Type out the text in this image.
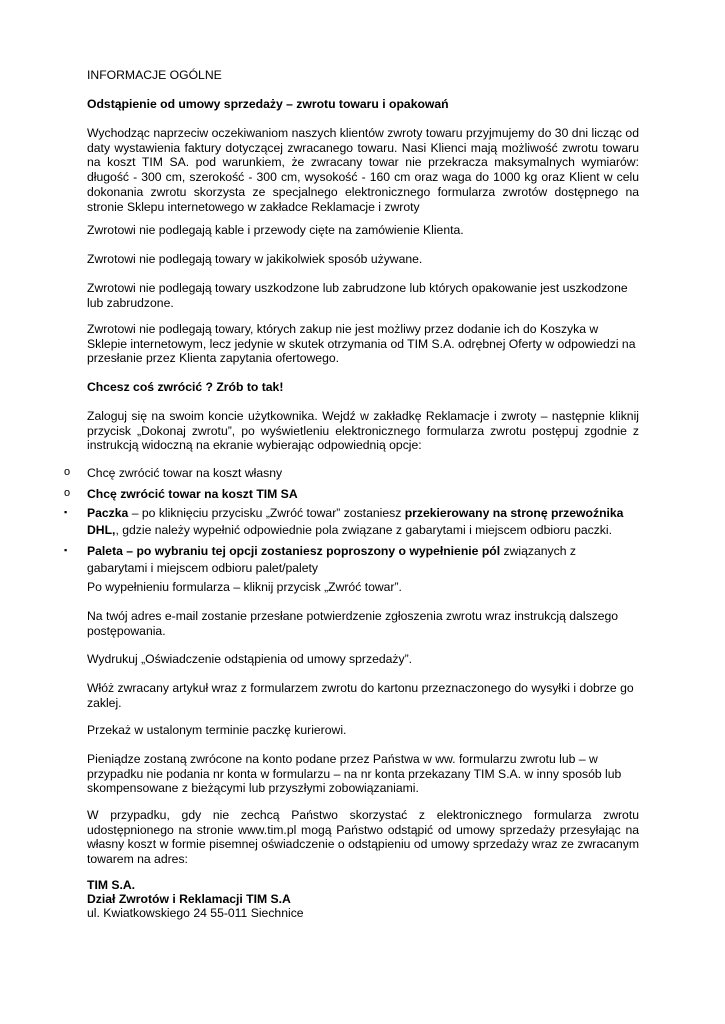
INFORMACJE OGÓLNE

Odstąpienie od umowy sprzedaży – zwrotu towaru i opakowań

Wychodząc naprzeciw oczekiwaniom naszych klientów zwroty towaru przyjmujemy do 30 dni licząc od daty wystawienia faktury dotyczącej zwracanego towaru. Nasi Klienci mają możliwość zwrotu towaru na koszt TIM SA. pod warunkiem, że zwracany towar nie przekracza maksymalnych wymiarów: długość - 300 cm, szerokość - 300 cm, wysokość - 160 cm oraz waga do 1000 kg oraz Klient w celu dokonania zwrotu skorzysta ze specjalnego elektronicznego formularza zwrotów dostępnego na stronie Sklepu internetowego w zakładce Reklamacje i zwroty

Zwrotowi nie podlegają kable i przewody cięte na zamówienie Klienta.

Zwrotowi nie podlegają towary w jakikolwiek sposób używane.

Zwrotowi nie podlegają towary uszkodzone lub zabrudzone lub których opakowanie jest uszkodzone lub zabrudzone.

Zwrotowi nie podlegają towary, których zakup nie jest możliwy przez dodanie ich do Koszyka w Sklepie internetowym, lecz jedynie w skutek otrzymania od TIM S.A. odrębnej Oferty w odpowiedzi na przesłanie przez Klienta zapytania ofertowego.

Chcesz coś zwrócić ? Zrób to tak!

Zaloguj się na swoim koncie użytkownika. Wejdź w zakładkę Reklamacje i zwroty – następnie kliknij przycisk „Dokonaj zwrotu”, po wyświetleniu elektronicznego formularza zwrotu postępuj zgodnie z instrukcją widoczną na ekranie wybierając odpowiednią opcje:

o	Chcę zwrócić towar na koszt własny
o	Chcę zwrócić towar na koszt TIM SA
▪	Paczka – po kliknięciu przycisku „Zwróć towar” zostaniesz przekierowany na stronę przewoźnika DHL,, gdzie należy wypełnić odpowiednie pola związane z gabarytami i miejscem odbioru paczki.
▪	Paleta – po wybraniu tej opcji zostaniesz poproszony o wypełnienie pól związanych z gabarytami i miejscem odbioru palet/palety

Po wypełnieniu formularza – kliknij przycisk „Zwróć towar”.

Na twój adres e-mail zostanie przesłane potwierdzenie zgłoszenia zwrotu wraz instrukcją dalszego postępowania.

Wydrukuj „Oświadczenie odstąpienia od umowy sprzedaży”.

Włóż zwracany artykuł wraz z formularzem zwrotu do kartonu przeznaczonego do wysyłki i dobrze go zaklej.

Przekaż w ustalonym terminie paczkę kurierowi.

Pieniądze zostaną zwrócone na konto podane przez Państwa w ww. formularzu zwrotu lub – w przypadku nie podania nr konta w formularzu – na nr konta przekazany TIM S.A. w inny sposób lub skompensowane z bieżącymi lub przyszłymi zobowiązaniami.

W przypadku, gdy nie zechcą Państwo skorzystać z elektronicznego formularza zwrotu udostępnionego na stronie www.tim.pl mogą Państwo odstąpić od umowy sprzedaży przesyłając na własny koszt w formie pisemnej oświadczenie o odstąpieniu od umowy sprzedaży wraz ze zwracanym towarem na adres:

TIM S.A.

Dział Zwrotów i Reklamacji TIM S.A

ul. Kwiatkowskiego 24 55-011 Siechnice
